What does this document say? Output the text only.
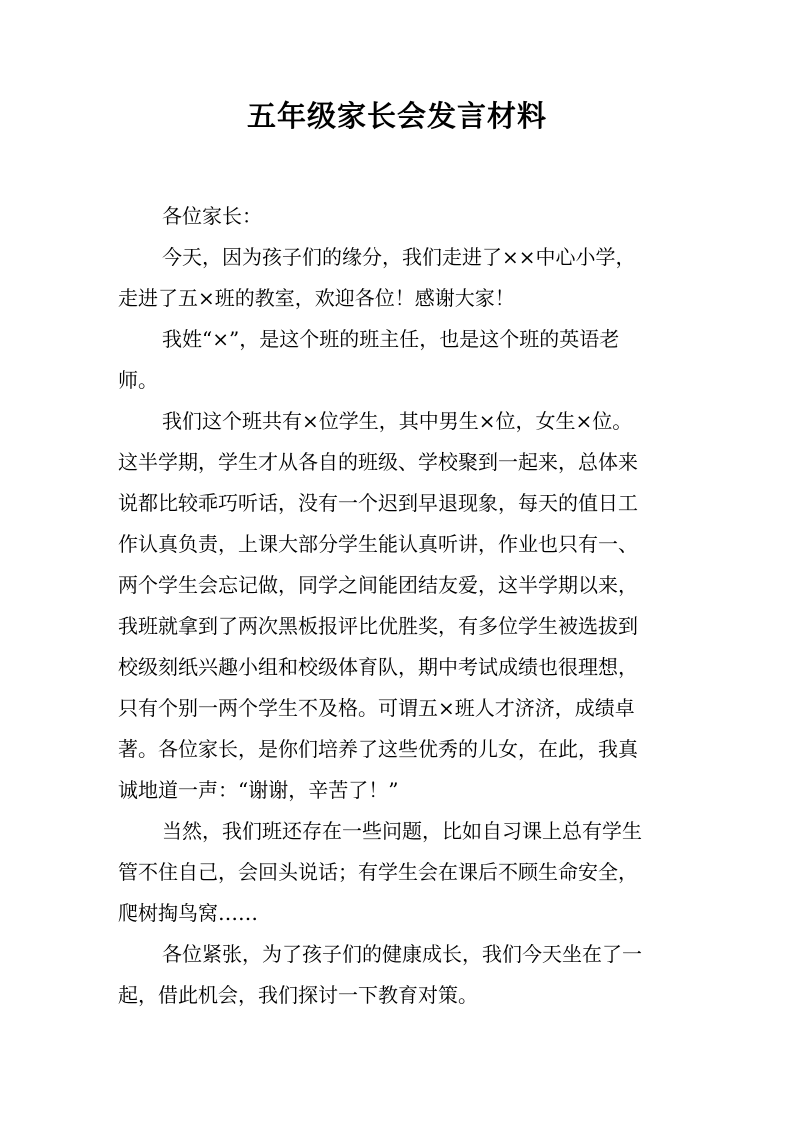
五年级家长会发言材料
各位家长：
今天，因为孩子们的缘分，我们走进了××中心小学，
走进了五×班的教室，欢迎各位！感谢大家！
我姓“×”，是这个班的班主任，也是这个班的英语老
师。
我们这个班共有×位学生，其中男生×位，女生×位。
这半学期，学生才从各自的班级、学校聚到一起来，总体来
说都比较乖巧听话，没有一个迟到早退现象，每天的值日工
作认真负责，上课大部分学生能认真听讲，作业也只有一、
两个学生会忘记做，同学之间能团结友爱，这半学期以来，
我班就拿到了两次黑板报评比优胜奖，有多位学生被选拔到
校级刻纸兴趣小组和校级体育队，期中考试成绩也很理想，
只有个别一两个学生不及格。可谓五×班人才济济，成绩卓
著。各位家长，是你们培养了这些优秀的儿女，在此，我真
诚地道一声：“谢谢，辛苦了！”
当然，我们班还存在一些问题，比如自习课上总有学生
管不住自己，会回头说话；有学生会在课后不顾生命安全，
爬树掏鸟窝……
各位紧张，为了孩子们的健康成长，我们今天坐在了一
起，借此机会，我们探讨一下教育对策。
